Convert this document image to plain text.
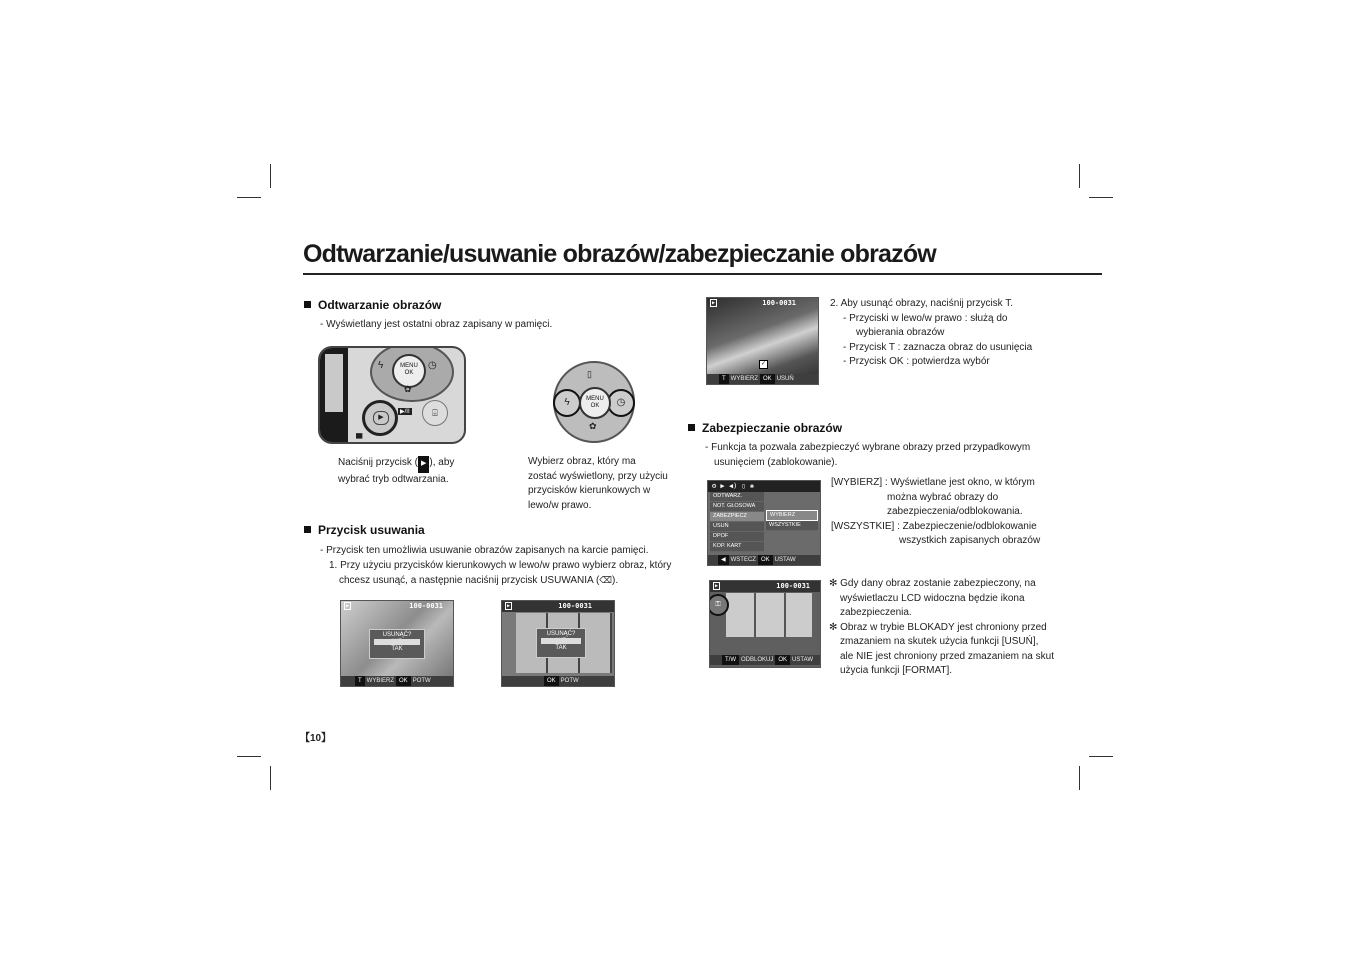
Odtwarzanie/usuwanie obrazów/zabezpieczanie obrazów
Odtwarzanie obrazów
- Wyświetlany jest ostatni obraz zapisany w pamięci.
MENU
OK
ϟ	◷
✿
▶
▶/II	⌹
▄
▯
ϟ	◷
MENU
OK
✿
Naciśnij przycisk ( ▶ ), aby
wybrać tryb odtwarzania.
Wybierz obraz, który ma
zostać wyświetlony, przy użyciu
przycisków kierunkowych w
lewo/w prawo.
Przycisk usuwania
- Przycisk ten umożliwia usuwanie obrazów zapisanych na karcie pamięci.
1. Przy użyciu przycisków kierunkowych w lewo/w prawo wybierz obraz, który
chcesz usunąć, a następnie naciśnij przycisk USUWANIA (⌫).
▶	100-0031
USUNĄĆ?
NIE
TAK
T WYBIERZ OK POTW
▶	100-0031
USUNĄĆ?
NIE
TAK
OK POTW
【10】
▶	100-0031
✓
T WYBIERZ OK USUŃ
2. Aby usunąć obrazy, naciśnij przycisk T.
- Przyciski w lewo/w prawo : służą do
wybierania obrazów
- Przycisk T : zaznacza obraz do usunięcia
- Przycisk OK : potwierdza wybór
Zabezpieczanie obrazów
- Funkcja ta pozwala zabezpieczyć wybrane obrazy przed przypadkowym
usunięciem (zablokowanie).
⚙ ▶ ◀) ▯ ❀
ODTWARZ.
NOT. GŁOSOWA
ZABEZPIECZ
USUŃ
DPOF
KOP. KART
WYBIERZ
WSZYSTKIE
◀ WSTECZ OK USTAW
[WYBIERZ] : Wyświetlane jest okno, w którym
można wybrać obrazy do
zabezpieczenia/odblokowania.
[WSZYSTKIE] : Zabezpieczenie/odblokowanie
wszystkich zapisanych obrazów
▶	100-0031
⚿
T/W ODBLOKUJ OK USTAW
✻ Gdy dany obraz zostanie zabezpieczony, na
wyświetlaczu LCD widoczna będzie ikona
zabezpieczenia.
✻ Obraz w trybie BLOKADY jest chroniony przed
zmazaniem na skutek użycia funkcji [USUŃ],
ale NIE jest chroniony przed zmazaniem na skut
użycia funkcji [FORMAT].
